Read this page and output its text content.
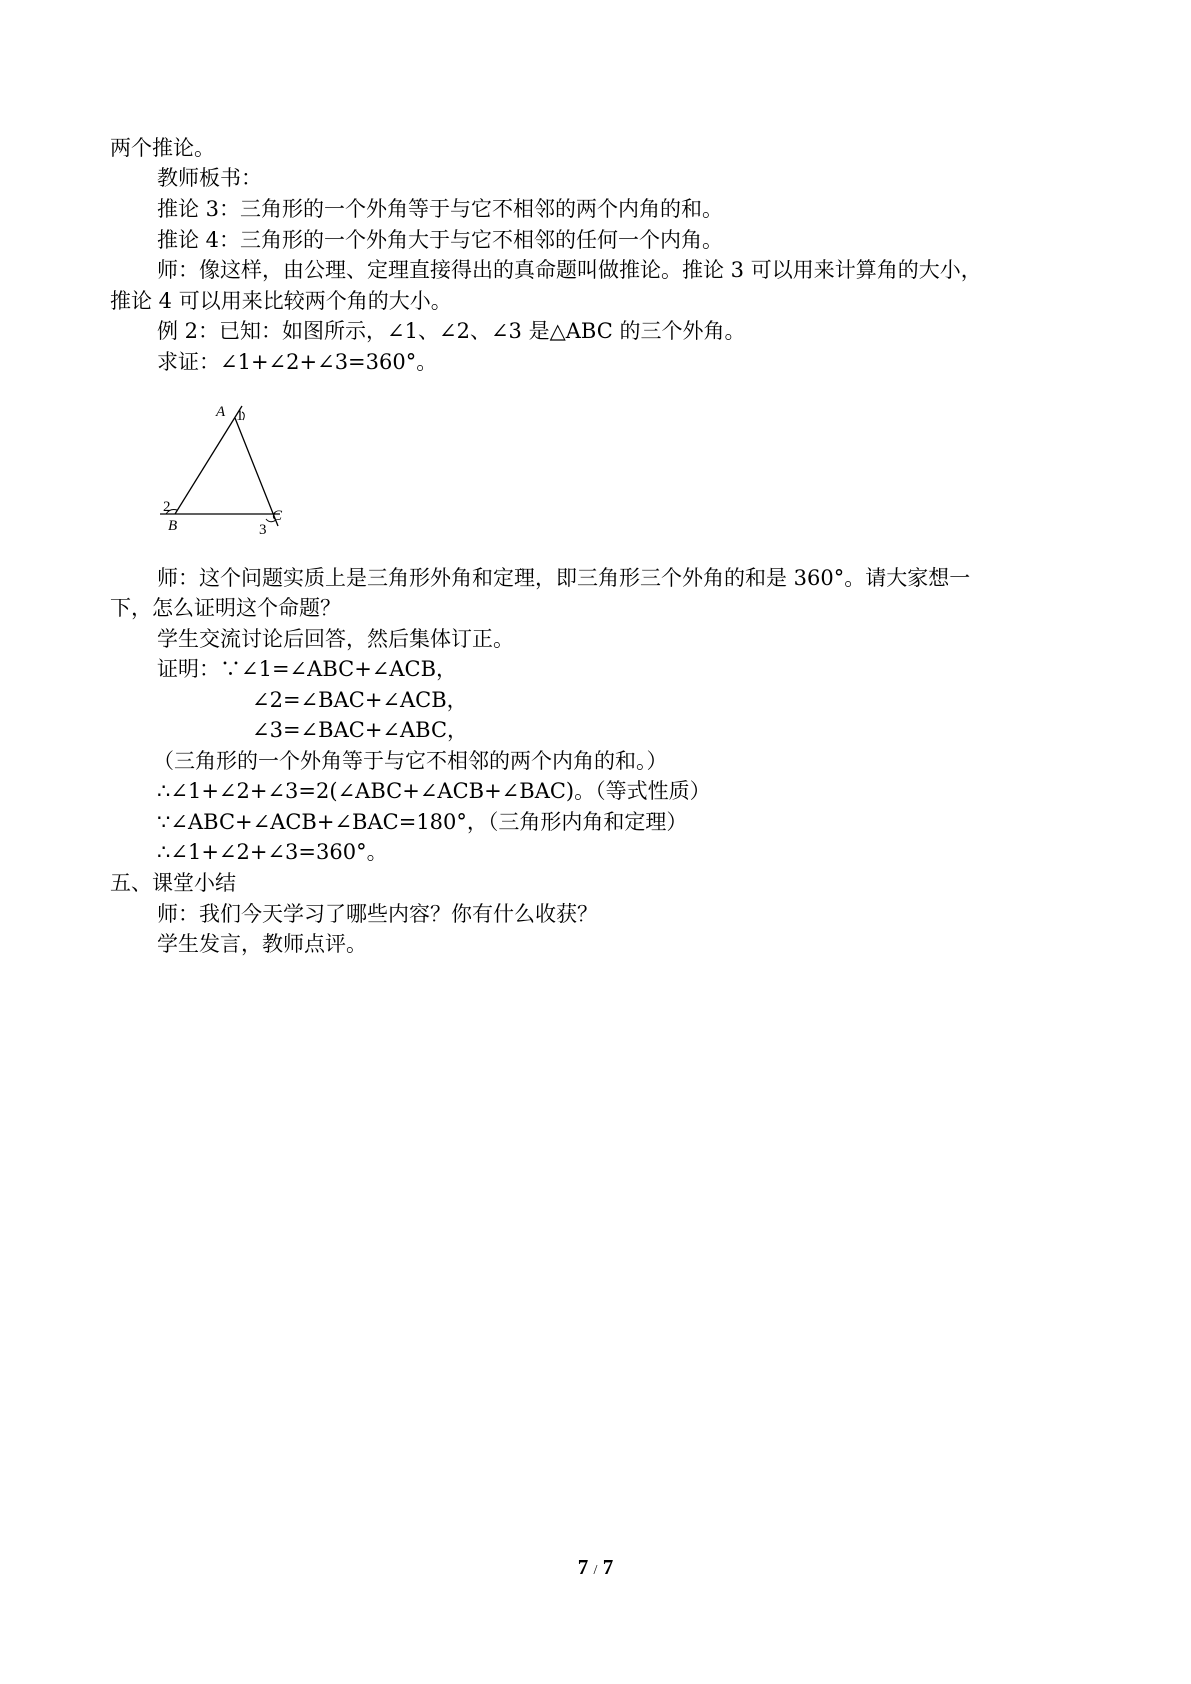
两个推论。
教师板书：
推论 3：三角形的一个外角等于与它不相邻的两个内角的和。
推论 4：三角形的一个外角大于与它不相邻的任何一个内角。
师：像这样，由公理、定理直接得出的真命题叫做推论。推论 3 可以用来计算角的大小，
推论 4 可以用来比较两个角的大小。
例 2：已知：如图所示，∠1、∠2、∠3 是△ABC 的三个外角。
求证：∠1+∠2+∠3=360°。
A 1
2
B
C
3
师：这个问题实质上是三角形外角和定理，即三角形三个外角的和是 360°。请大家想一
下，怎么证明这个命题？
学生交流讨论后回答，然后集体订正。
证明：∵∠1=∠ABC+∠ACB，
∠2=∠BAC+∠ACB，
∠3=∠BAC+∠ABC，
（三角形的一个外角等于与它不相邻的两个内角的和。）
∴∠1+∠2+∠3=2(∠ABC+∠ACB+∠BAC)。（等式性质）
∵∠ABC+∠ACB+∠BAC=180°，（三角形内角和定理）
∴∠1+∠2+∠3=360°。
五、课堂小结
师：我们今天学习了哪些内容？你有什么收获？
学生发言，教师点评。
7 / 7
